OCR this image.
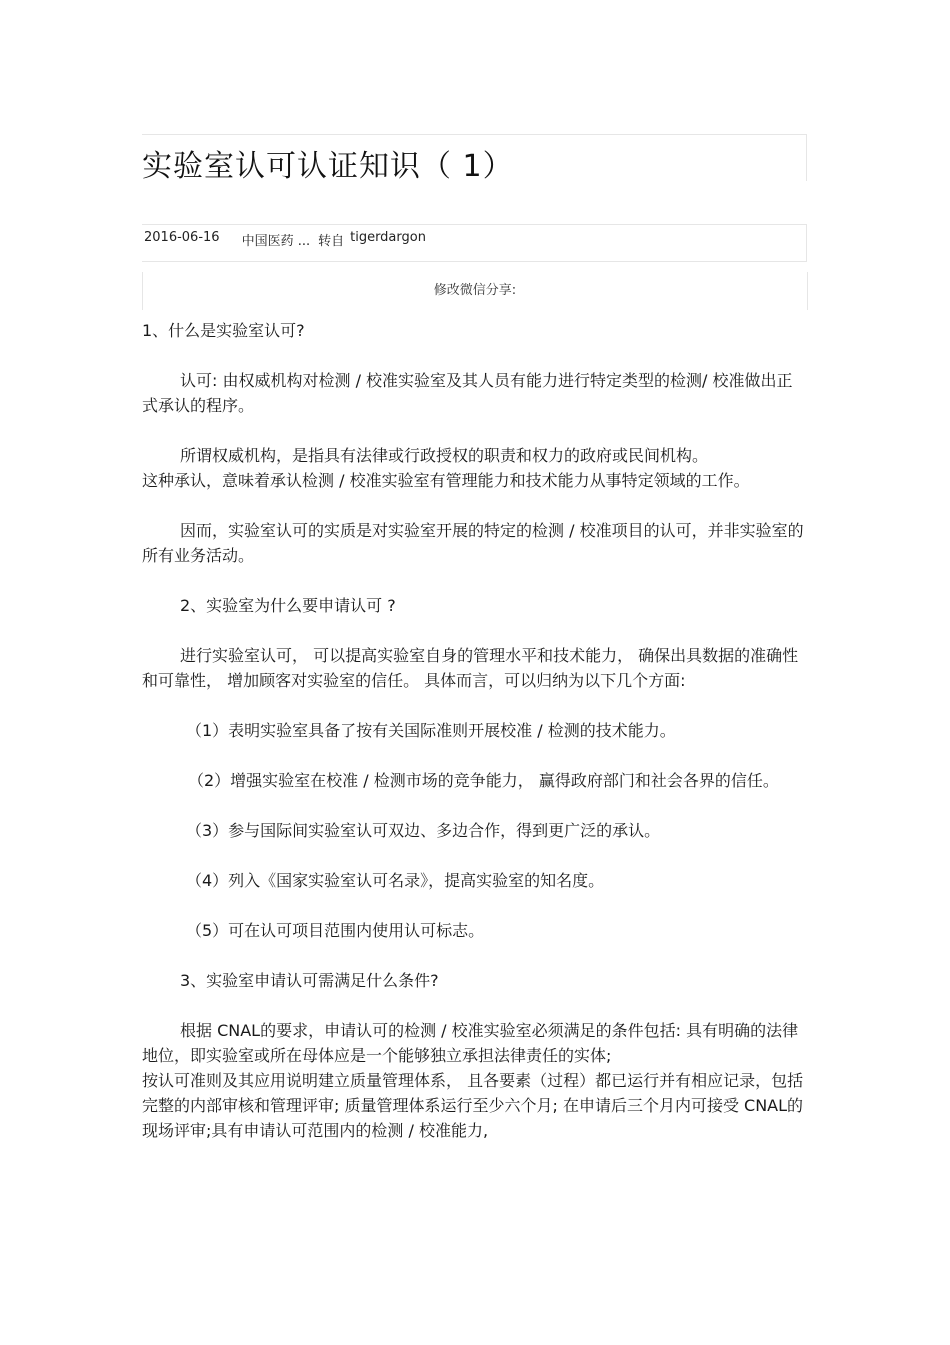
实验室认可认证知识（ 1）
2016-06-16 中国医药 ... 转自 tigerdargon
修改微信分享:

1、什么是实验室认可?

认可: 由权威机构对检测 / 校准实验室及其人员有能力进行特定类型的检测/ 校准做出正式承认的程序。

所谓权威机构，是指具有法律或行政授权的职责和权力的政府或民间机构。

这种承认，意味着承认检测 / 校准实验室有管理能力和技术能力从事特定领域的工作。

因而，实验室认可的实质是对实验室开展的特定的检测 / 校准项目的认可，并非实验室的所有业务活动。

2、实验室为什么要申请认可 ?

进行实验室认可， 可以提高实验室自身的管理水平和技术能力， 确保出具数据的准确性和可靠性， 增加顾客对实验室的信任。 具体而言，可以归纳为以下几个方面:

（1）表明实验室具备了按有关国际准则开展校准 / 检测的技术能力。

（2）增强实验室在校准 / 检测市场的竞争能力， 赢得政府部门和社会各界的信任。

（3）参与国际间实验室认可双边、多边合作，得到更广泛的承认。

（4）列入《国家实验室认可名录》，提高实验室的知名度。

（5）可在认可项目范围内使用认可标志。

3、实验室申请认可需满足什么条件?

根据 CNAL的要求，申请认可的检测 / 校准实验室必须满足的条件包括: 具有明确的法律地位，即实验室或所在母体应是一个能够独立承担法律责任的实体;

按认可准则及其应用说明建立质量管理体系， 且各要素（过程）都已运行并有相应记录，包括完整的内部审核和管理评审; 质量管理体系运行至少六个月; 在申请后三个月内可接受 CNAL的现场评审;具有申请认可范围内的检测 / 校准能力,
